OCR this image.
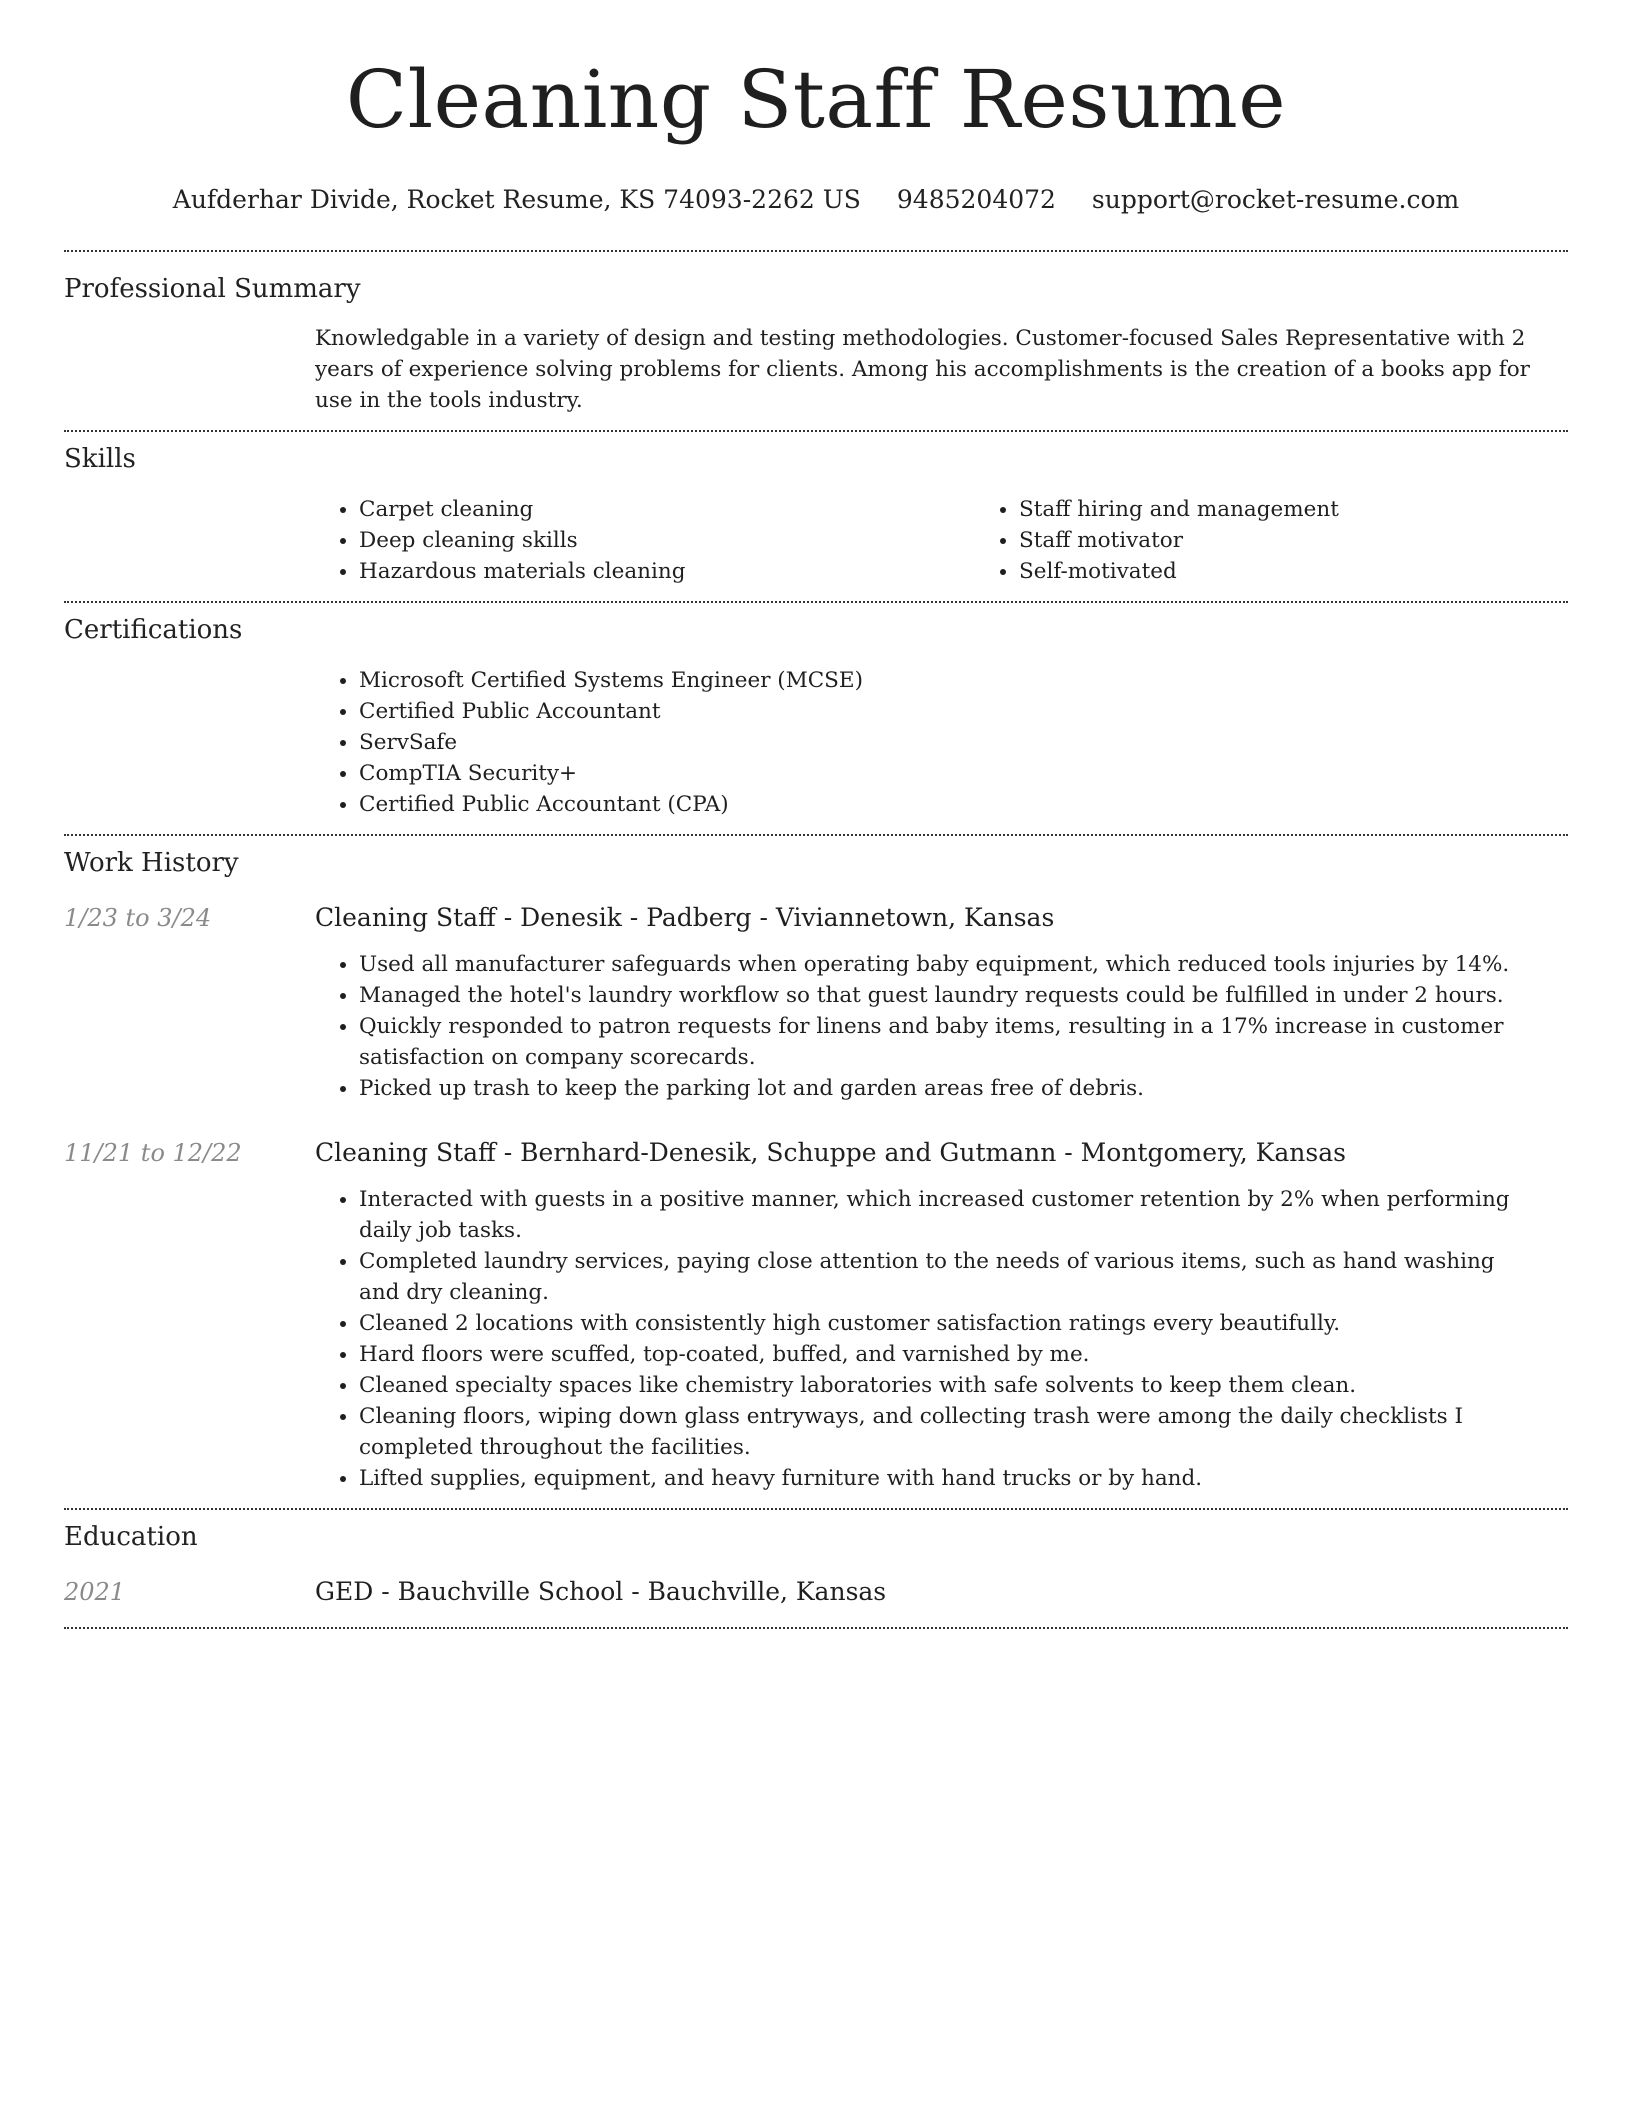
Cleaning Staff Resume
Aufderhar Divide, Rocket Resume, KS 74093-2262 US 9485204072 support@rocket-resume.com
Professional Summary

Knowledgable in a variety of design and testing methodologies. Customer-focused Sales Representative with 2 years of experience solving problems for clients. Among his accomplishments is the creation of a books app for use in the tools industry.

Skills
• Carpet cleaning
• Deep cleaning skills
• Hazardous materials cleaning
• Staff hiring and management
• Staff motivator
• Self-motivated
Certifications
• Microsoft Certified Systems Engineer (MCSE)
• Certified Public Accountant
• ServSafe
• CompTIA Security+
• Certified Public Accountant (CPA)
Work History
1/23 to 3/24	Cleaning Staff - Denesik - Padberg - Viviannetown, Kansas
• Used all manufacturer safeguards when operating baby equipment, which reduced tools injuries by 14%.
• Managed the hotel's laundry workflow so that guest laundry requests could be fulfilled in under 2 hours.
• Quickly responded to patron requests for linens and baby items, resulting in a 17% increase in customer satisfaction on company scorecards.
• Picked up trash to keep the parking lot and garden areas free of debris.
11/21 to 12/22	Cleaning Staff - Bernhard-Denesik, Schuppe and Gutmann - Montgomery, Kansas
• Interacted with guests in a positive manner, which increased customer retention by 2% when performing daily job tasks.
• Completed laundry services, paying close attention to the needs of various items, such as hand washing and dry cleaning.
• Cleaned 2 locations with consistently high customer satisfaction ratings every beautifully.
• Hard floors were scuffed, top-coated, buffed, and varnished by me.
• Cleaned specialty spaces like chemistry laboratories with safe solvents to keep them clean.
• Cleaning floors, wiping down glass entryways, and collecting trash were among the daily checklists I completed throughout the facilities.
• Lifted supplies, equipment, and heavy furniture with hand trucks or by hand.
Education
2021	GED - Bauchville School - Bauchville, Kansas
